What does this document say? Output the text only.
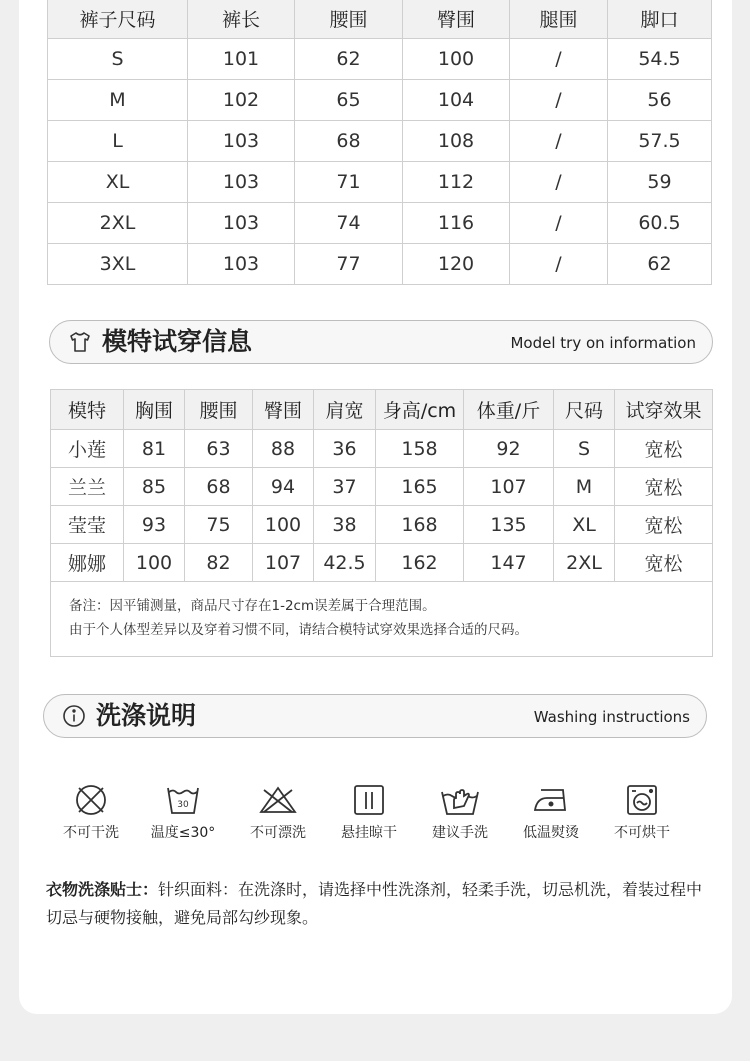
裤子尺码	裤长	腰围	臀围	腿围	脚口
S	101	62	100	/	54.5
M	102	65	104	/	56
L	103	68	108	/	57.5
XL	103	71	112	/	59
2XL	103	74	116	/	60.5
3XL	103	77	120	/	62
模特试穿信息	Model try on information
模特	胸围	腰围	臀围	肩宽	身高/cm	体重/斤	尺码	试穿效果
小莲	81	63	88	36	158	92	S	宽松
兰兰	85	68	94	37	165	107	M	宽松
莹莹	93	75	100	38	168	135	XL	宽松
娜娜	100	82	107	42.5	162	147	2XL	宽松

备注：因平铺测量，商品尺寸存在1-2cm误差属于合理范围。
由于个人体型差异以及穿着习惯不同，请结合模特试穿效果选择合适的尺码。								
洗涤说明	Washing instructions
不可干洗
30
温度≤30°	不可漂洗	悬挂晾干	建议手洗	低温熨烫	不可烘干
衣物洗涤贴士：针织面料：在洗涤时，请选择中性洗涤剂，轻柔手洗，切忌机洗，着装过程中切忌与硬物接触，避免局部勾纱现象。
